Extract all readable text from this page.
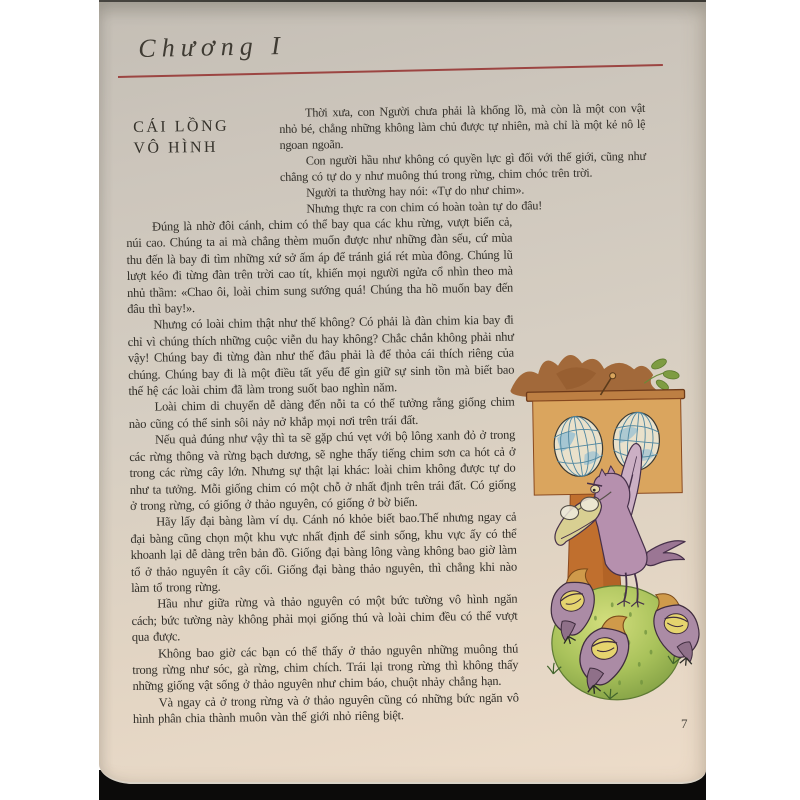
Chương I
CÁI LỒNG
VÔ HÌNH

Thời xưa, con Người chưa phải là khổng lồ, mà còn là một con vật nhỏ bé, chẳng những không làm chủ được tự nhiên, mà chỉ là một kẻ nô lệ ngoan ngoãn.

Con người hầu như không có quyền lực gì đối với thế giới, cũng như chẳng có tự do y như muông thú trong rừng, chim chóc trên trời.

Người ta thường hay nói: «Tự do như chim».

Nhưng thực ra con chim có hoàn toàn tự do đâu!

Đúng là nhờ đôi cánh, chim có thể bay qua các khu rừng, vượt biển cả, núi cao. Chúng ta ai mà chẳng thèm muốn được như những đàn sếu, cứ mùa thu đến là bay đi tìm những xứ sở ấm áp để tránh giá rét mùa đông. Chúng lũ lượt kéo đi từng đàn trên trời cao tít, khiến mọi người ngửa cổ nhìn theo mà nhủ thầm: «Chao ôi, loài chim sung sướng quá! Chúng tha hồ muốn bay đến đâu thì bay!».

Nhưng có loài chim thật như thế không? Có phải là đàn chim kia bay đi chỉ vì chúng thích những cuộc viễn du hay không? Chắc chắn không phải như vậy! Chúng bay đi từng đàn như thế đâu phải là để thỏa cái thích riêng của chúng. Chúng bay đi là một điều tất yếu để gìn giữ sự sinh tồn mà biết bao thế hệ các loài chim đã làm trong suốt bao nghìn năm.

Loài chim di chuyển dễ dàng đến nỗi ta có thể tưởng rằng giống chim nào cũng có thể sinh sôi nảy nở khắp mọi nơi trên trái đất.

Nếu quả đúng như vậy thì ta sẽ gặp chú vẹt với bộ lông xanh đỏ ở trong các rừng thông và rừng bạch dương, sẽ nghe thấy tiếng chim sơn ca hót cả ở trong các rừng cây lớn. Nhưng sự thật lại khác: loài chim không được tự do như ta tưởng. Mỗi giống chim có một chỗ ở nhất định trên trái đất. Có giống ở trong rừng, có giống ở thảo nguyên, có giống ở bờ biển.

Hãy lấy đại bàng làm ví dụ. Cánh nó khỏe biết bao.Thế nhưng ngay cả đại bàng cũng chọn một khu vực nhất định để sinh sống, khu vực ấy có thể khoanh lại dễ dàng trên bản đồ. Giống đại bàng lông vàng không bao giờ làm tổ ở thảo nguyên ít cây cối. Giống đại bàng thảo nguyên, thì chẳng khi nào làm tổ trong rừng.

Hầu như giữa rừng và thảo nguyên có một bức tường vô hình ngăn cách; bức tường này không phải mọi giống thú và loài chim đều có thể vượt qua được.

Không bao giờ các bạn có thể thấy ở thảo nguyên những muông thú trong rừng như sóc, gà rừng, chim chích. Trái lại trong rừng thì không thấy những giống vật sống ở thảo nguyên như chim báo, chuột nhảy chẳng hạn.

Và ngay cả ở trong rừng và ở thảo nguyên cũng có những bức ngăn vô hình phân chia thành muôn vàn thế giới nhỏ riêng biệt.	7
